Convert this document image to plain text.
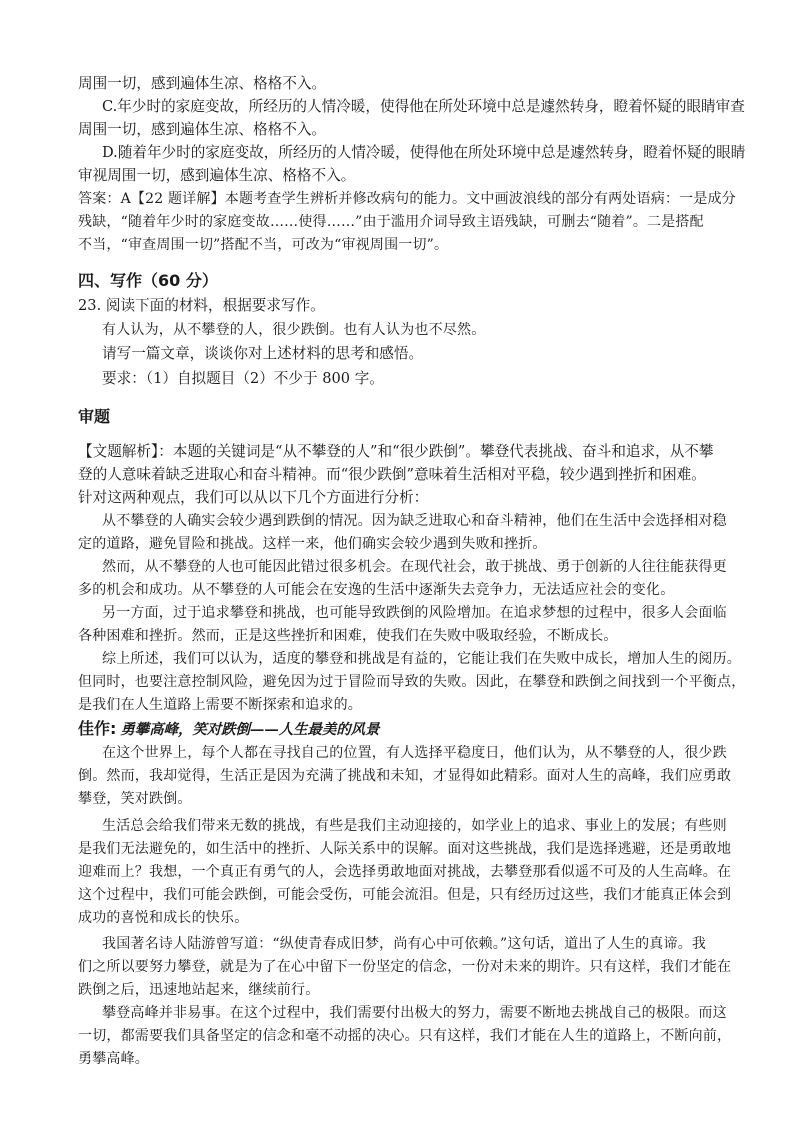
周围一切，感到遍体生凉、格格不入。
C.年少时的家庭变故，所经历的人情冷暖，使得他在所处环境中总是遽然转身，瞪着怀疑的眼睛审查
周围一切，感到遍体生凉、格格不入。
D.随着年少时的家庭变故，所经历的人情冷暖，使得他在所处环境中总是遽然转身，瞪着怀疑的眼睛
审视周围一切，感到遍体生凉、格格不入。
答案：A【22 题详解】本题考查学生辨析并修改病句的能力。文中画波浪线的部分有两处语病：一是成分
残缺，“随着年少时的家庭变故……使得……”由于滥用介词导致主语残缺，可删去“随着”。二是搭配
不当，“审查周围一切”搭配不当，可改为“审视周围一切”。
四、写作（60 分）
23. 阅读下面的材料，根据要求写作。
有人认为，从不攀登的人，很少跌倒。也有人认为也不尽然。
请写一篇文章，谈谈你对上述材料的思考和感悟。
要求：（1）自拟题目（2）不少于 800 字。
审题
【文题解析】：本题的关键词是“从不攀登的人”和“很少跌倒”。攀登代表挑战、奋斗和追求，从不攀
登的人意味着缺乏进取心和奋斗精神。而“很少跌倒”意味着生活相对平稳，较少遇到挫折和困难。
针对这两种观点，我们可以从以下几个方面进行分析：
从不攀登的人确实会较少遇到跌倒的情况。因为缺乏进取心和奋斗精神，他们在生活中会选择相对稳
定的道路，避免冒险和挑战。这样一来，他们确实会较少遇到失败和挫折。
然而，从不攀登的人也可能因此错过很多机会。在现代社会，敢于挑战、勇于创新的人往往能获得更
多的机会和成功。从不攀登的人可能会在安逸的生活中逐渐失去竞争力，无法适应社会的变化。
另一方面，过于追求攀登和挑战，也可能导致跌倒的风险增加。在追求梦想的过程中，很多人会面临
各种困难和挫折。然而，正是这些挫折和困难，使我们在失败中吸取经验，不断成长。
综上所述，我们可以认为，适度的攀登和挑战是有益的，它能让我们在失败中成长，增加人生的阅历。
但同时，也要注意控制风险，避免因为过于冒险而导致的失败。因此，在攀登和跌倒之间找到一个平衡点，
是我们在人生道路上需要不断探索和追求的。
佳作: 勇攀高峰，笑对跌倒——人生最美的风景
在这个世界上，每个人都在寻找自己的位置，有人选择平稳度日，他们认为，从不攀登的人，很少跌
倒。然而，我却觉得，生活正是因为充满了挑战和未知，才显得如此精彩。面对人生的高峰，我们应勇敢
攀登，笑对跌倒。
生活总会给我们带来无数的挑战，有些是我们主动迎接的，如学业上的追求、事业上的发展；有些则
是我们无法避免的，如生活中的挫折、人际关系中的误解。面对这些挑战，我们是选择逃避，还是勇敢地
迎难而上？我想，一个真正有勇气的人，会选择勇敢地面对挑战，去攀登那看似遥不可及的人生高峰。在
这个过程中，我们可能会跌倒，可能会受伤，可能会流泪。但是，只有经历过这些，我们才能真正体会到
成功的喜悦和成长的快乐。
我国著名诗人陆游曾写道：“纵使青春成旧梦，尚有心中可依赖。”这句话，道出了人生的真谛。我
们之所以要努力攀登，就是为了在心中留下一份坚定的信念，一份对未来的期许。只有这样，我们才能在
跌倒之后，迅速地站起来，继续前行。
攀登高峰并非易事。在这个过程中，我们需要付出极大的努力，需要不断地去挑战自己的极限。而这
一切，都需要我们具备坚定的信念和毫不动摇的决心。只有这样，我们才能在人生的道路上，不断向前，
勇攀高峰。
